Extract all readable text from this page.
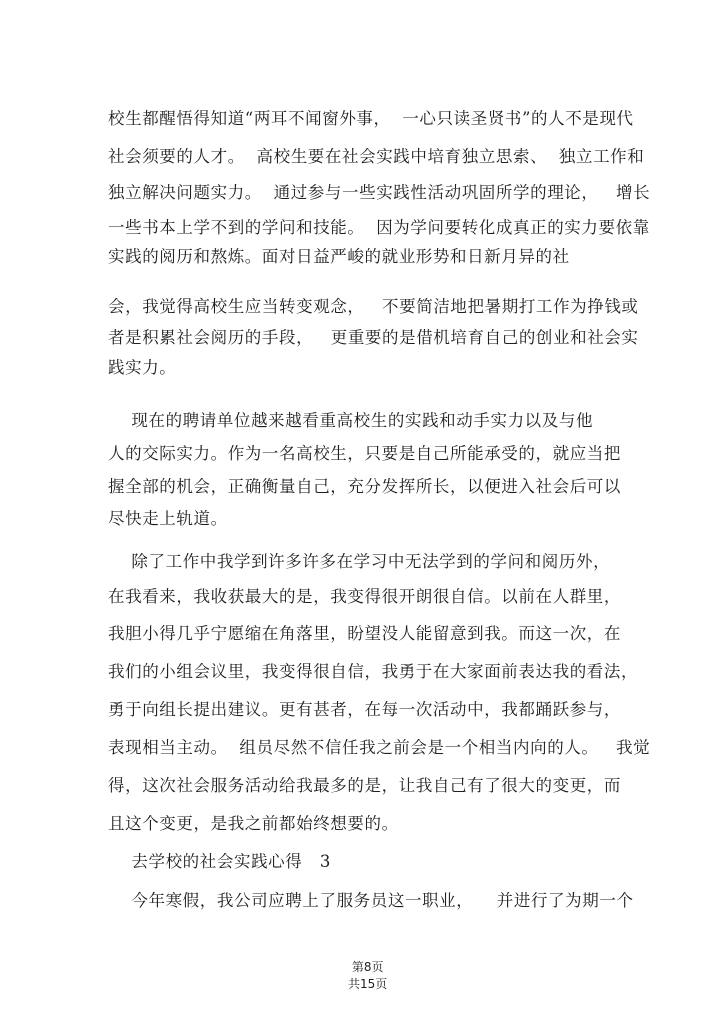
校生都醒悟得知道“两耳不闻窗外事，  一心只读圣贤书”的人不是现代
社会须要的人才。  高校生要在社会实践中培育独立思索、  独立工作和
独立解决问题实力。  通过参与一些实践性活动巩固所学的理论，   增长
一些书本上学不到的学问和技能。  因为学问要转化成真正的实力要依靠
实践的阅历和熬炼。面对日益严峻的就业形势和日新月异的社
会，我觉得高校生应当转变观念，   不要简洁地把暑期打工作为挣钱或
者是积累社会阅历的手段，   更重要的是借机培育自己的创业和社会实
践实力。
现在的聘请单位越来越看重高校生的实践和动手实力以及与他
人的交际实力。作为一名高校生，只要是自己所能承受的，就应当把
握全部的机会，正确衡量自己，充分发挥所长，以便进入社会后可以
尽快走上轨道。
除了工作中我学到许多许多在学习中无法学到的学问和阅历外，
在我看来，我收获最大的是，我变得很开朗很自信。以前在人群里，
我胆小得几乎宁愿缩在角落里，盼望没人能留意到我。而这一次，在
我们的小组会议里，我变得很自信，我勇于在大家面前表达我的看法，
勇于向组长提出建议。更有甚者，在每一次活动中，我都踊跃参与，
表现相当主动。  组员尽然不信任我之前会是一个相当内向的人。   我觉
得，这次社会服务活动给我最多的是，让我自己有了很大的变更，而
且这个变更，是我之前都始终想要的。
去学校的社会实践心得   3
今年寒假，我公司应聘上了服务员这一职业，    并进行了为期一个

第8页
共15页
